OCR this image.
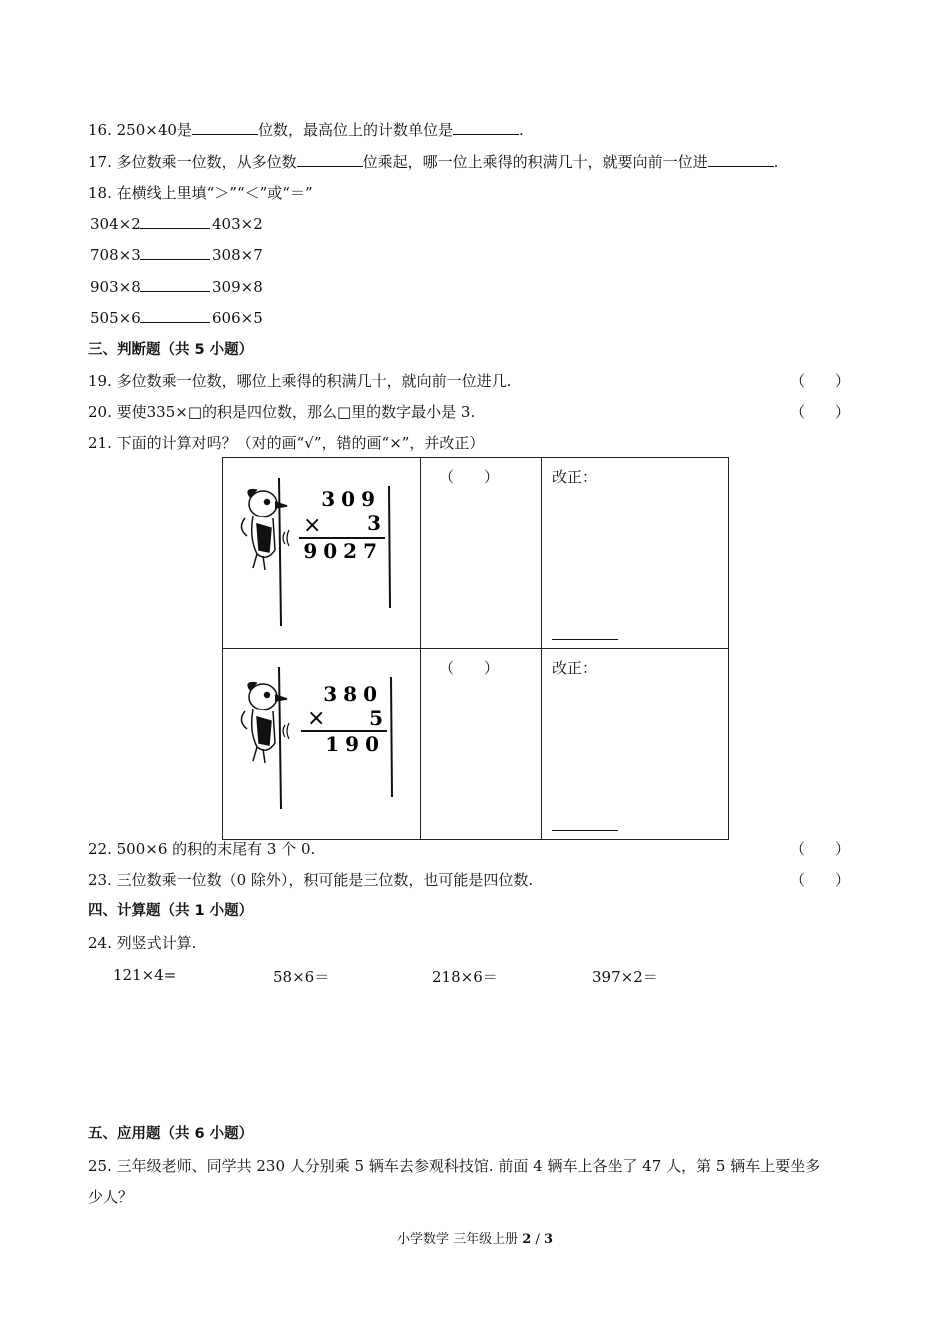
16. 250×40是	位数，最高位上的计数单位是	.
17. 多位数乘一位数，从多位数	位乘起，哪一位上乘得的积满几十，就要向前一位进	.
18. 在横线上里填“＞”“＜”或“＝”
304×2	403×2
708×3	308×7
903×8	309×8
505×6	606×5
三、判断题（共 5 小题）
19. 多位数乘一位数，哪位上乘得的积满几十，就向前一位进几.	（　　）
20. 要使335×□的积是四位数，那么□里的数字最小是 3.	（　　）
21. 下面的计算对吗？（对的画“√”，错的画“×”，并改正）
309
× 3
9027	（　　）	改正：

380
× 5
190	（　　）	改正：
22. 500×6 的积的末尾有 3 个 0.	（　　）
23. 三位数乘一位数（0 除外），积可能是三位数，也可能是四位数.	（　　）
四、计算题（共 1 小题）
24. 列竖式计算.
121×4=	58×6＝	218×6＝	397×2＝
五、应用题（共 6 小题）
25. 三年级老师、同学共 230 人分别乘 5 辆车去参观科技馆. 前面 4 辆车上各坐了 47 人，第 5 辆车上要坐多
少人？
小学数学 三年级上册 2 / 3
